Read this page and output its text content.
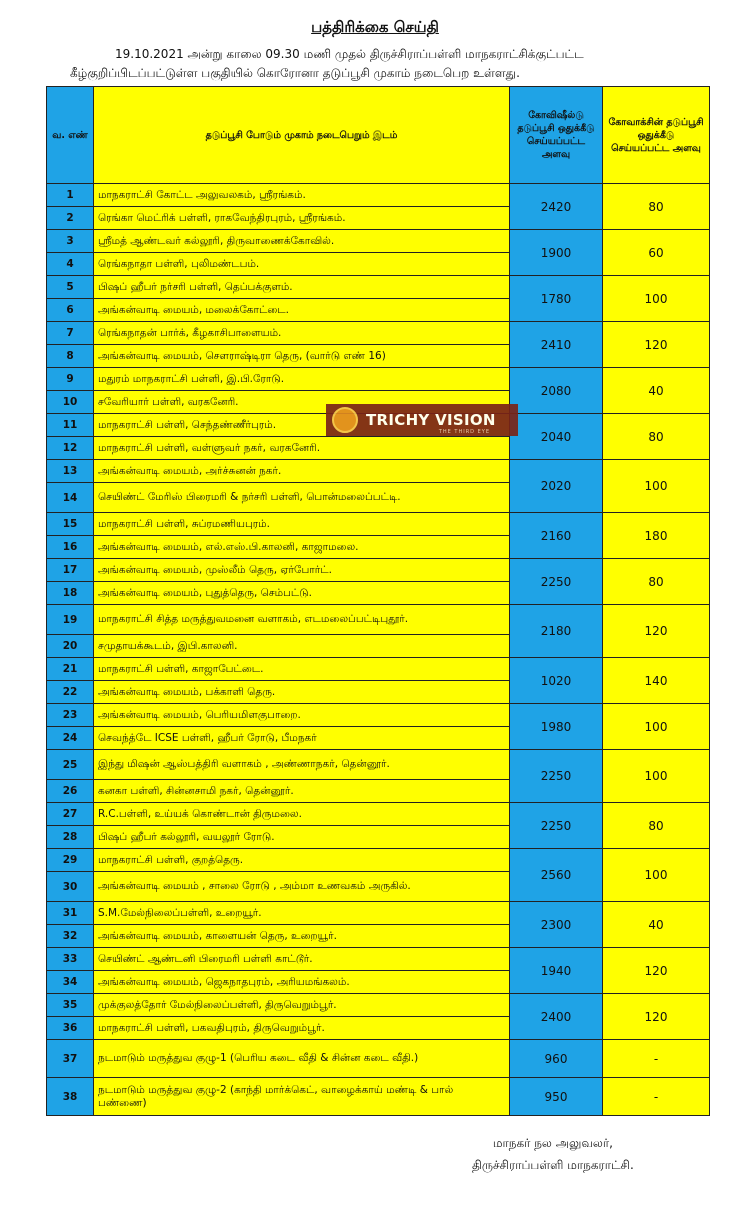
பத்திரிக்கை செய்தி
19.10.2021 அன்று காலை 09.30 மணி முதல் திருச்சிராப்பள்ளி மாநகராட்சிக்குட்பட்ட
கீழ்குறிப்பிடப்பட்டுள்ள பகுதியில் கொரோனா தடுப்பூசி முகாம் நடைபெற உள்ளது.
வ. எண்	தடுப்பூசி போடும் முகாம் நடைபெறும் இடம்	கோவிஷீல்டு தடுப்பூசி ஒதுக்கீடு செய்யப்பட்ட அளவு	கோவாக்சின் தடுப்பூசி ஒதுக்கீடு செய்யப்பட்ட அளவு
1	மாநகராட்சி கோட்ட அலுவலகம், ஸ்ரீரங்கம்.	2420	80
2	ரெங்கா மெட்ரிக் பள்ளி, ராகவேந்திரபுரம், ஸ்ரீரங்கம்.		
3	ஸ்ரீமத் ஆண்டவர் கல்லூரி, திருவாணைக்கோவில்.	1900	60
4	ரெங்கநாதா பள்ளி, புலிமண்டபம்.		
5	பிஷப் ஹீபர் நர்சரி பள்ளி, தெப்பக்குளம்.	1780	100
6	அங்கன்வாடி மையம், மலைக்கோட்டை.		
7	ரெங்கநாதன் பார்க், கீழகாசிபாளையம்.	2410	120
8	அங்கன்வாடி மையம், சௌராஷ்டிரா தெரு, (வார்டு எண் 16)		
9	மதுரம் மாநகராட்சி பள்ளி, இ.பி.ரோடு.	2080	40
10	சவேரியார் பள்ளி, வரகனேரி.		
11	மாநகராட்சி பள்ளி, செந்தண்ணீர்புரம்.	2040	80
12	மாநகராட்சி பள்ளி, வள்ளுவர் நகர், வரகனேரி.		
13	அங்கன்வாடி மையம், அர்ச்சுனன் நகர்.	2020	100
14	செயிண்ட் மேரிஸ் பிரைமரி & நர்சரி பள்ளி, பொன்மலைப்பட்டி.		
15	மாநகராட்சி பள்ளி, சுப்ரமணியபுரம்.	2160	180
16	அங்கன்வாடி மையம், எல்.எஸ்.பி.காலனி, காஜாமலை.		
17	அங்கன்வாடி மையம், முஸ்லீம் தெரு, ஏர்போர்ட்.	2250	80
18	அங்கன்வாடி மையம், புதுத்தெரு, செம்பட்டு.		
19	மாநகராட்சி சித்த மருத்துவமனை வளாகம், எடமலைப்பட்டிபுதூர்.	2180	120
20	சமுதாயக்கூடம், இபி.காலனி.		
21	மாநகராட்சி பள்ளி, காஜாபேட்டை.	1020	140
22	அங்கன்வாடி மையம், பக்காளி தெரு.		
23	அங்கன்வாடி மையம், பெரியமிளகுபாறை.	1980	100
24	செவந்த்டே ICSE பள்ளி, ஹீபர் ரோடு, பீமநகர்		
25	இந்து மிஷன் ஆஸ்பத்திரி வளாகம் , அண்ணாநகர், தென்னூர்.	2250	100
26	கனகா பள்ளி, சின்னசாமி நகர், தென்னூர்.		
27	R.C.பள்ளி, உய்யக் கொண்டான் திருமலை.	2250	80
28	பிஷப் ஹீபர் கல்லூரி, வயலூர் ரோடு.		
29	மாநகராட்சி பள்ளி, குறத்தெரு.	2560	100
30	அங்கன்வாடி மையம் , சாலை ரோடு , அம்மா உணவகம் அருகில்.		
31	S.M.மேல்நிலைப்பள்ளி, உறையூர்.	2300	40
32	அங்கன்வாடி மையம், காளையன் தெரு, உறையூர்.		
33	செயிண்ட் ஆண்டனி பிரைமரி பள்ளி காட்டூர்.	1940	120
34	அங்கன்வாடி மையம், ஜெகநாதபுரம், அரியமங்கலம்.		
35	முக்குலத்தோர் மேல்நிலைப்பள்ளி, திருவெறும்பூர்.	2400	120
36	மாநகராட்சி பள்ளி, பகவதிபுரம், திருவெறும்பூர்.		
37	நடமாடும் மருத்துவ குழு-1 (பெரிய கடை வீதி & சின்ன கடை வீதி.)	960	-
38	நடமாடும் மருத்துவ குழு-2 (காந்தி மார்க்கெட், வாழைக்காய் மண்டி & பால் பண்ணை)	950	-
TRICHY VISION
THE THIRD EYE
மாநகர் நல அலுவலர்,
திருச்சிராப்பள்ளி மாநகராட்சி.
